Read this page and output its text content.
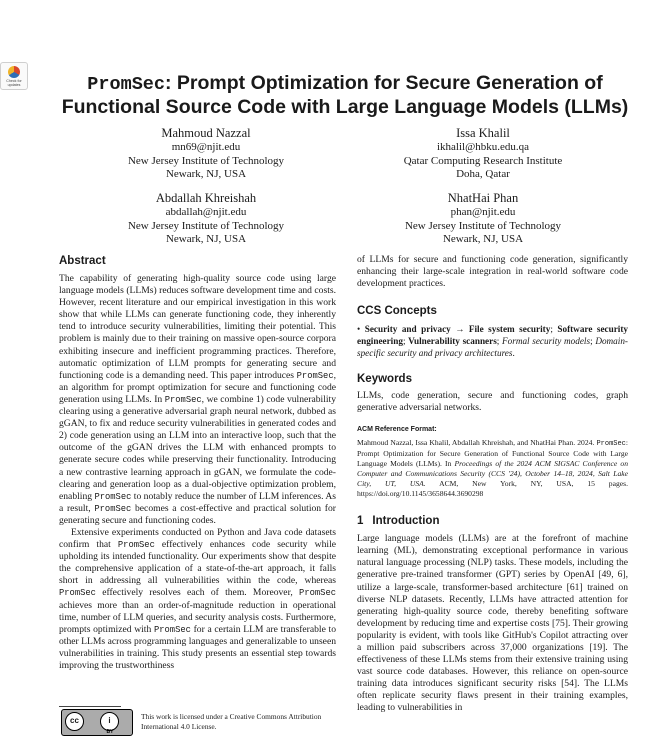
Check for updates	PromSec: Prompt Optimization for Secure Generation of Functional Source Code with Large Language Models (LLMs)
Mahmoud Nazzal
mn69@njit.edu
New Jersey Institute of Technology
Newark, NJ, USA
Issa Khalil
ikhalil@hbku.edu.qa
Qatar Computing Research Institute
Doha, Qatar
Abdallah Khreishah
abdallah@njit.edu
New Jersey Institute of Technology
Newark, NJ, USA
NhatHai Phan
phan@njit.edu
New Jersey Institute of Technology
Newark, NJ, USA
Abstract

The capability of generating high-quality source code using large language models (LLMs) reduces software development time and costs. However, recent literature and our empirical investigation in this work show that while LLMs can generate functioning code, they inherently tend to introduce security vulnerabilities, limiting their potential. This problem is mainly due to their training on massive open-source corpora exhibiting insecure and inefficient programming practices. Therefore, automatic optimization of LLM prompts for generating secure and functioning code is a demanding need. This paper introduces PromSec, an algorithm for prompt optimization for secure and functioning code generation using LLMs. In PromSec, we combine 1) code vulnerability clearing using a generative adversarial graph neural network, dubbed as gGAN, to fix and reduce security vulnerabilities in generated codes and 2) code generation using an LLM into an interactive loop, such that the outcome of the gGAN drives the LLM with enhanced prompts to generate secure codes while preserving their functionality. Introducing a new contrastive learning approach in gGAN, we formulate the code-clearing and generation loop as a dual-objective optimization problem, enabling PromSec to notably reduce the number of LLM inferences. As a result, PromSec becomes a cost-effective and practical solution for generating secure and functioning codes.

Extensive experiments conducted on Python and Java code datasets confirm that PromSec effectively enhances code security while upholding its intended functionality. Our experiments show that despite the comprehensive application of a state-of-the-art approach, it falls short in addressing all vulnerabilities within the code, whereas PromSec effectively resolves each of them. Moreover, PromSec achieves more than an order-of-magnitude reduction in operational time, number of LLM queries, and security analysis costs. Furthermore, prompts optimized with PromSec for a certain LLM are transferable to other LLMs across programming languages and generalizable to unseen vulnerabilities in training. This study presents an essential step towards improving the trustworthiness

of LLMs for secure and functioning code generation, significantly enhancing their large-scale integration in real-world software code development practices.

CCS Concepts

• Security and privacy → File system security; Software security engineering; Vulnerability scanners; Formal security models; Domain-specific security and privacy architectures.

Keywords

LLMs, code generation, secure and functioning codes, graph generative adversarial networks.

ACM Reference Format:
Mahmoud Nazzal, Issa Khalil, Abdallah Khreishah, and NhatHai Phan. 2024. PromSec: Prompt Optimization for Secure Generation of Functional Source Code with Large Language Models (LLMs). In Proceedings of the 2024 ACM SIGSAC Conference on Computer and Communications Security (CCS '24), October 14–18, 2024, Salt Lake City, UT, USA. ACM, New York, NY, USA, 15 pages. https://doi.org/10.1145/3658644.3690298
1 Introduction

Large language models (LLMs) are at the forefront of machine learning (ML), demonstrating exceptional performance in various natural language processing (NLP) tasks. These models, including the generative pre-trained transformer (GPT) series by OpenAI [49, 6], utilize a large-scale, transformer-based architecture [61] trained on diverse NLP datasets. Recently, LLMs have attracted attention for generating high-quality source code, thereby benefiting software development by reducing time and expertise costs [75]. Their growing popularity is evident, with tools like GitHub's Copilot attracting over a million paid subscribers across 37,000 organizations [19]. The effectiveness of these LLMs stems from their extensive training using vast source code databases. However, this reliance on open-source training data introduces significant security risks [54]. The LLMs often replicate security flaws present in their training examples, leading to vulnerabilities in

cc	i
BY
This work is licensed under a Creative Commons Attribution International 4.0 License.
